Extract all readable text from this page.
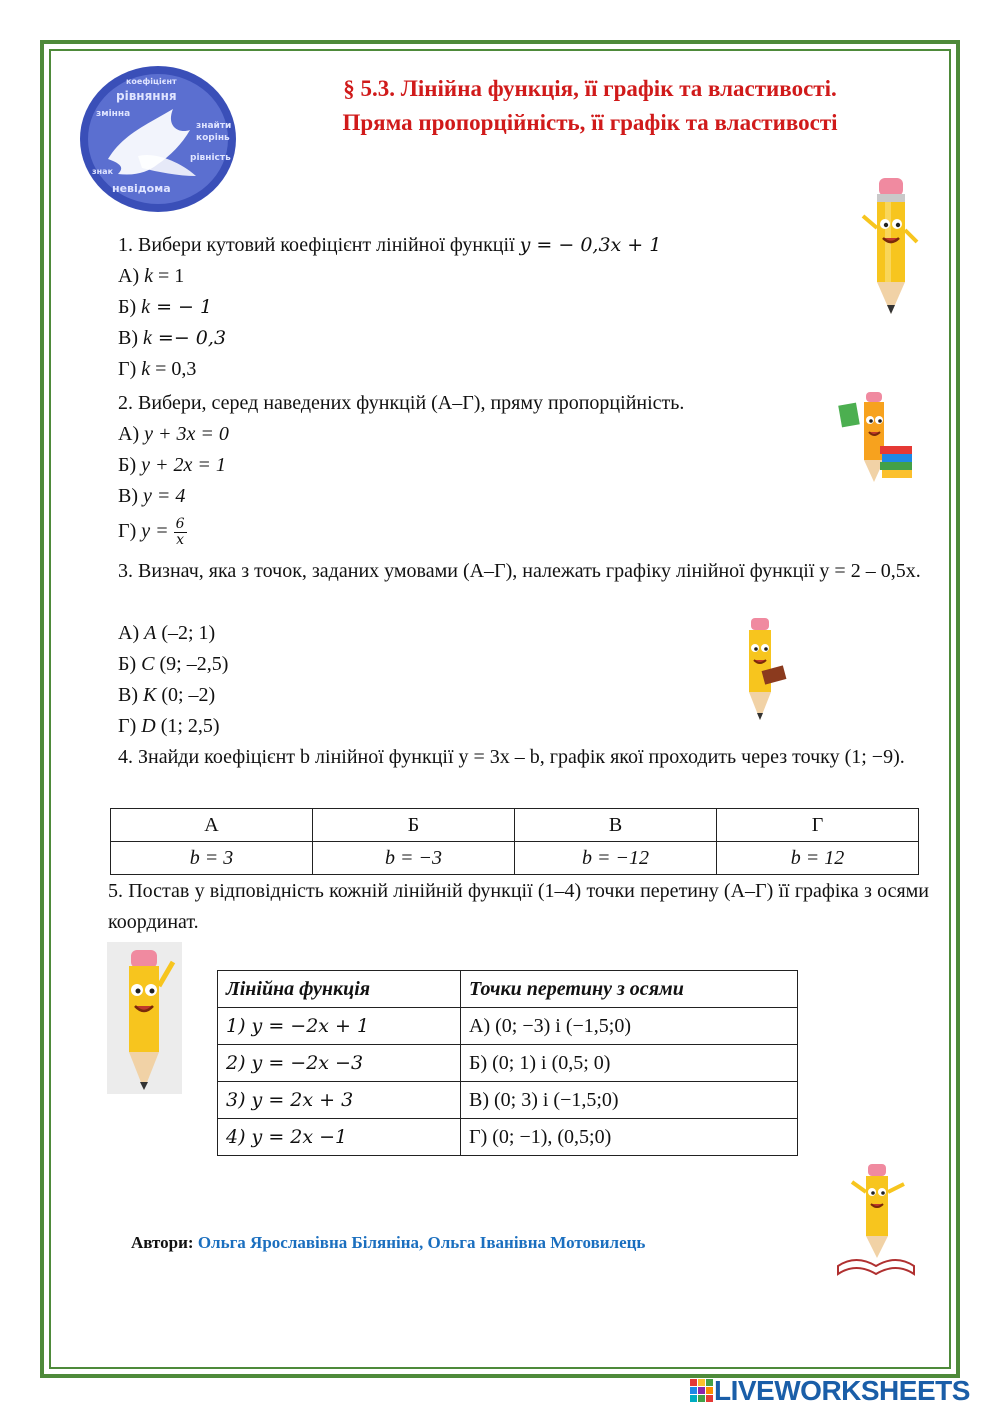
рівняння
коефіцієнт
змінна
знайти
корінь
рівність
невідома
знак
§ 5.3. Лінійна функція, її графік та властивості.
Пряма пропорційність, її графік та властивості
1. Вибери кутовий коефіцієнт лінійної функції y = − 0,3x + 1
А) k = 1
Б) k = − 1
В) k =− 0,3
Г) k = 0,3
2. Вибери, серед наведених функцій (А–Г), пряму пропорційність.
А) y + 3x = 0
Б) y + 2x = 1
В) y = 4
Г) $y = \frac{6}{x}$
3. Визнач, яка з точок, заданих умовами (А–Г), належать графіку лінійної функції y = 2 – 0,5x.
А) A (–2; 1)
Б) C (9; –2,5)
В) K (0; –2)
Г) D (1; 2,5)
4. Знайди коефіцієнт b лінійної функції y = 3x – b, графік якої проходить через точку (1; −9).
А	Б	В	Г
b = 3	b = −3	b = −12	b = 12
5. Постав у відповідність кожній лінійній функції (1–4) точки перетину (А–Г) її графіка з осями координат.
Лінійна функція	Точки перетину з осями
1) y = −2x + 1	А) (0; −3) і (−1,5;0)
2) y = −2x −3	Б) (0; 1) і (0,5; 0)
3) y = 2x + 3	В) (0; 3) і (−1,5;0)
4) y = 2x −1	Г) (0; −1), (0,5;0)
Автори: Ольга Ярославівна Біляніна, Ольга Іванівна Мотовилець
LIVEWORKSHEETS
